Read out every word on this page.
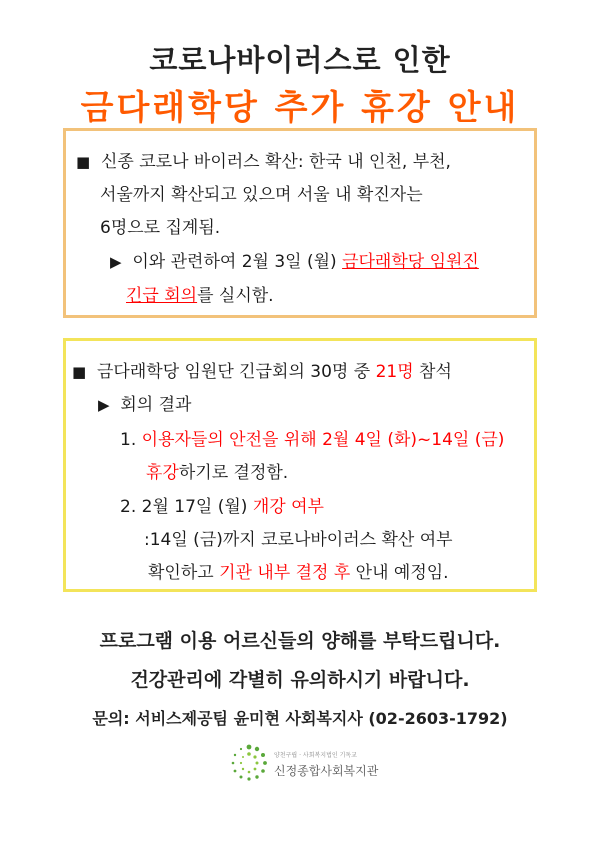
코로나바이러스로 인한
금다래학당 추가 휴강 안내
■ 신종 코로나 바이러스 확산: 한국 내 인천, 부천,
서울까지 확산되고 있으며 서울 내 확진자는
6명으로 집계됨.
▶ 이와 관련하여 2월 3일 (월) 금다래학당 임원진
긴급 회의를 실시함.
■ 금다래학당 임원단 긴급회의 30명 중 21명 참석
▶ 회의 결과
1. 이용자들의 안전을 위해 2월 4일 (화)~14일 (금)
휴강하기로 결정함.
2. 2월 17일 (월) 개강 여부
:14일 (금)까지 코로나바이러스 확산 여부
확인하고 기관 내부 결정 후 안내 예정임.
프로그램 이용 어르신들의 양해를 부탁드립니다.
건강관리에 각별히 유의하시기 바랍니다.
문의: 서비스제공팀 윤미현 사회복지사 (02-2603-1792)
양천구립 · 사회복지법인 기독교
신정종합사회복지관
